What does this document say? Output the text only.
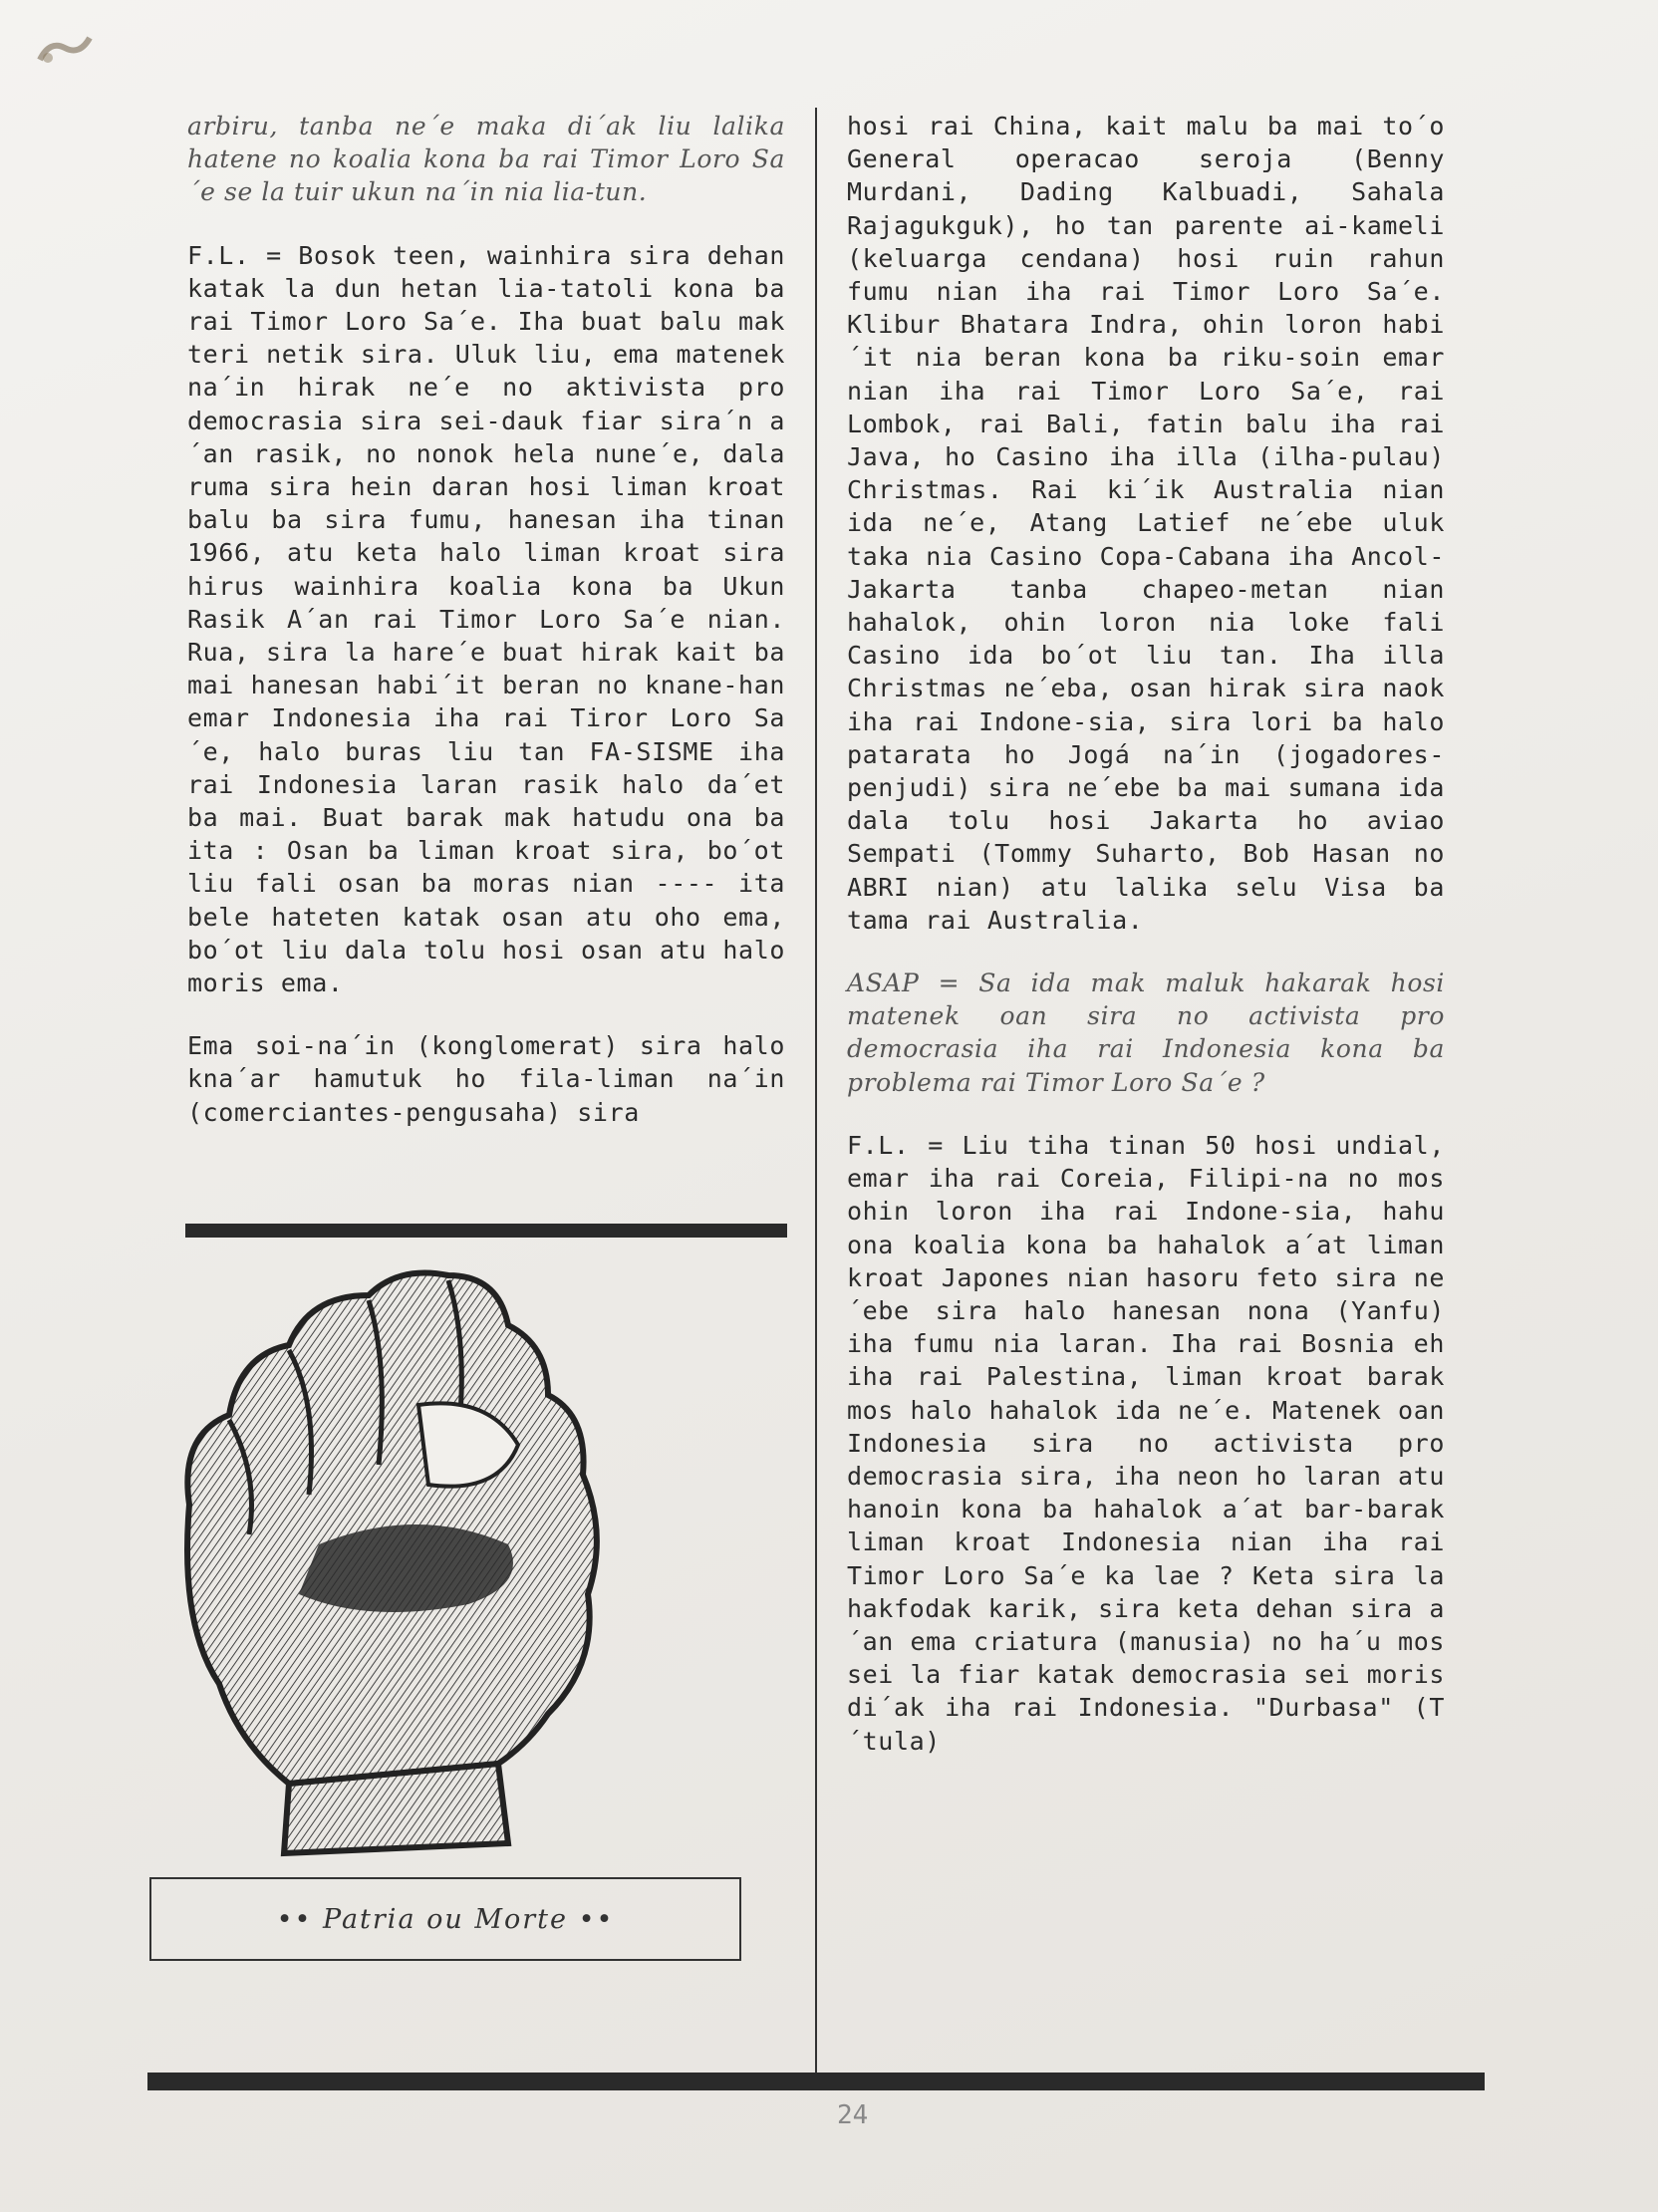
arbiru, tanba ne´e maka di´ak liu lalika hatene no koalia kona ba rai Timor Loro Sa´e se la tuir ukun na´in nia lia-tun.

F.L. = Bosok teen, wainhira sira dehan katak la dun hetan lia-tatoli kona ba rai Timor Loro Sa´e. Iha buat balu mak teri netik sira. Uluk liu, ema matenek na´in hirak ne´e no aktivista pro democrasia sira sei-dauk fiar sira´n a´an rasik, no nonok hela nune´e, dala ruma sira hein daran hosi liman kroat balu ba sira fumu, hanesan iha tinan 1966, atu keta halo liman kroat sira hirus wainhira koalia kona ba Ukun Rasik A´an rai Timor Loro Sa´e nian. Rua, sira la hare´e buat hirak kait ba mai hanesan habi´it beran no knane-han emar Indonesia iha rai Tiror Loro Sa´e, halo buras liu tan FA-SISME iha rai Indonesia laran rasik halo da´et ba mai. Buat barak mak hatudu ona ba ita : Osan ba liman kroat sira, bo´ot liu fali osan ba moras nian ---- ita bele hateten katak osan atu oho ema, bo´ot liu dala tolu hosi osan atu halo moris ema.

Ema soi-na´in (konglomerat) sira halo kna´ar hamutuk ho fila-liman na´in (comerciantes-pengusaha) sira

•• Patria ou Morte ••

hosi rai China, kait malu ba mai to´o General operacao seroja (Benny Murdani, Dading Kalbuadi, Sahala Rajagukguk), ho tan parente ai-kameli (keluarga cendana) hosi ruin rahun fumu nian iha rai Timor Loro Sa´e. Klibur Bhatara Indra, ohin loron habi´it nia beran kona ba riku-soin emar nian iha rai Timor Loro Sa´e, rai Lombok, rai Bali, fatin balu iha rai Java, ho Casino iha illa (ilha-pulau) Christmas. Rai ki´ik Australia nian ida ne´e, Atang Latief ne´ebe uluk taka nia Casino Copa-Cabana iha Ancol-Jakarta tanba chapeo-metan nian hahalok, ohin loron nia loke fali Casino ida bo´ot liu tan. Iha illa Christmas ne´eba, osan hirak sira naok iha rai Indone-sia, sira lori ba halo patarata ho Jogá na´in (jogadores-penjudi) sira ne´ebe ba mai sumana ida dala tolu hosi Jakarta ho aviao Sempati (Tommy Suharto, Bob Hasan no ABRI nian) atu lalika selu Visa ba tama rai Australia.

ASAP = Sa ida mak maluk hakarak hosi matenek oan sira no activista pro democrasia iha rai Indonesia kona ba problema rai Timor Loro Sa´e ?

F.L. = Liu tiha tinan 50 hosi undial, emar iha rai Coreia, Filipi-na no mos ohin loron iha rai Indone-sia, hahu ona koalia kona ba hahalok a´at liman kroat Japones nian hasoru feto sira ne´ebe sira halo hanesan nona (Yanfu) iha fumu nia laran. Iha rai Bosnia eh iha rai Palestina, liman kroat barak mos halo hahalok ida ne´e. Matenek oan Indonesia sira no activista pro democrasia sira, iha neon ho laran atu hanoin kona ba hahalok a´at bar-barak liman kroat Indonesia nian iha rai Timor Loro Sa´e ka lae ? Keta sira la hakfodak karik, sira keta dehan sira a´an ema criatura (manusia) no ha´u mos sei la fiar katak democrasia sei moris di´ak iha rai Indonesia. "Durbasa" (T´tula)

24
